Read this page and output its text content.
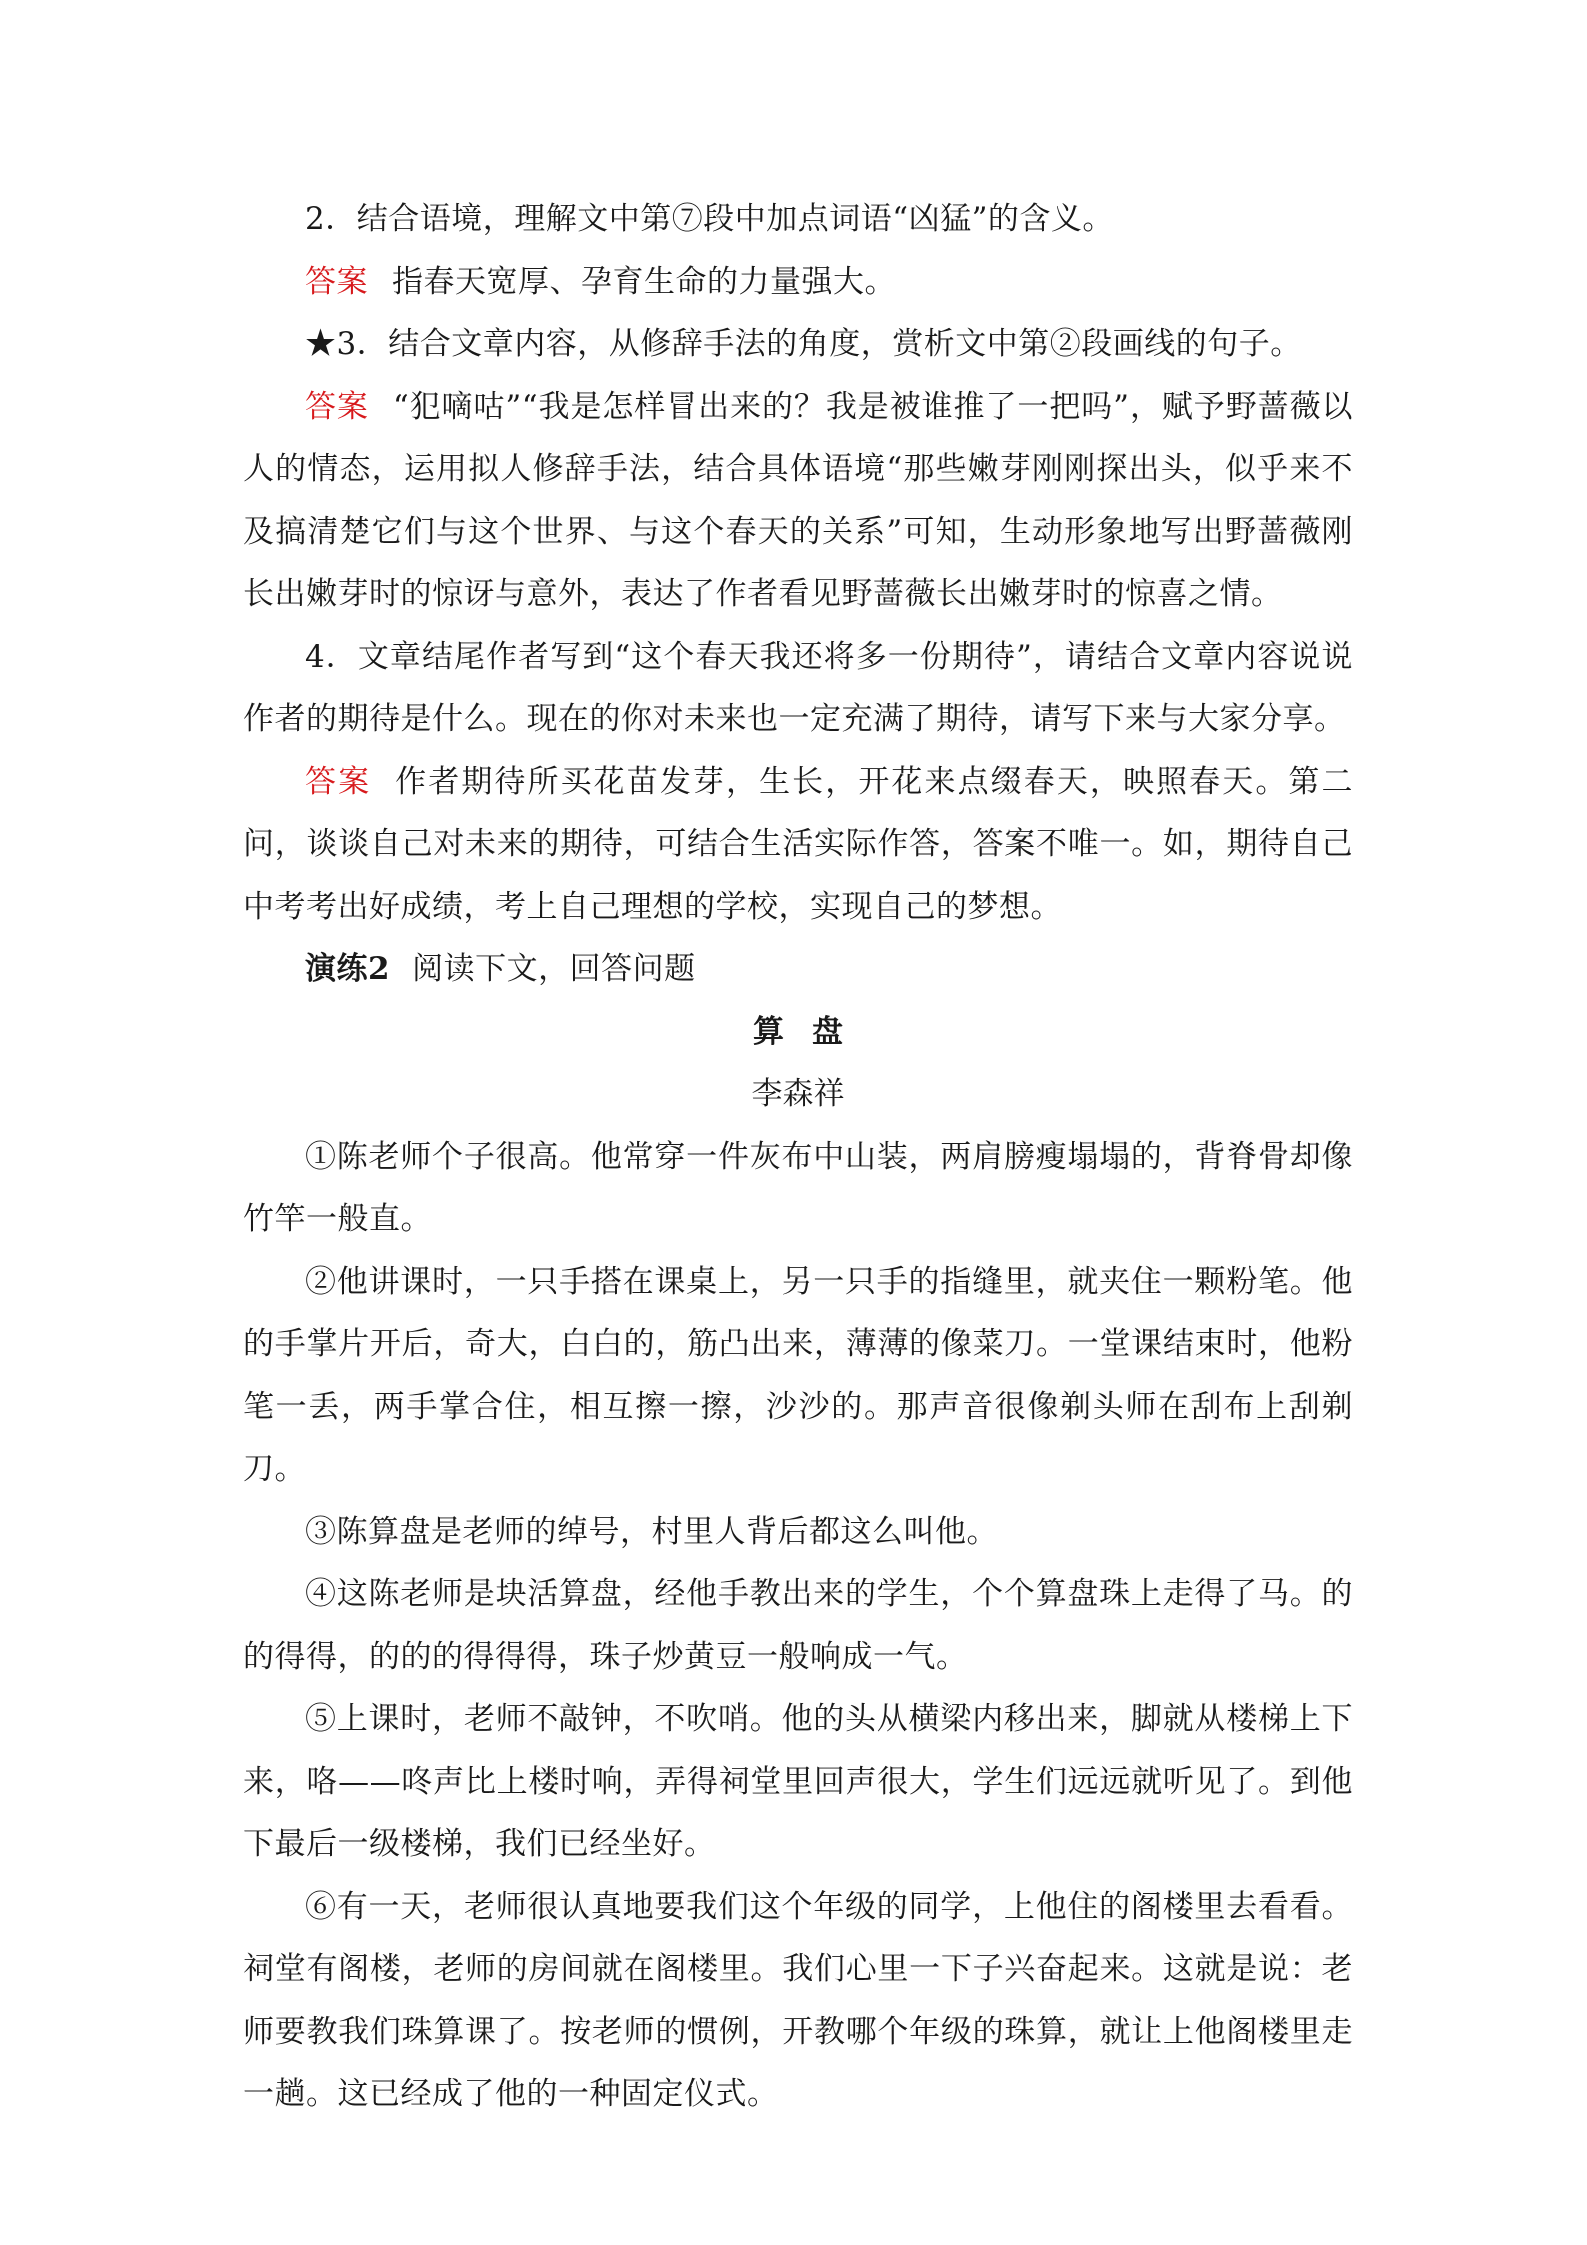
2．结合语境，理解文中第⑦段中加点词语“凶猛”的含义。

答案 指春天宽厚、孕育生命的力量强大。

★3．结合文章内容，从修辞手法的角度，赏析文中第②段画线的句子。

答案 “犯嘀咕”“我是怎样冒出来的？我是被谁推了一把吗”，赋予野蔷薇以人的情态，运用拟人修辞手法，结合具体语境“那些嫩芽刚刚探出头，似乎来不及搞清楚它们与这个世界、与这个春天的关系”可知，生动形象地写出野蔷薇刚长出嫩芽时的惊讶与意外，表达了作者看见野蔷薇长出嫩芽时的惊喜之情。

4．文章结尾作者写到“这个春天我还将多一份期待”，请结合文章内容说说作者的期待是什么。现在的你对未来也一定充满了期待，请写下来与大家分享。

答案 作者期待所买花苗发芽，生长，开花来点缀春天，映照春天。第二问，谈谈自己对未来的期待，可结合生活实际作答，答案不唯一。如，期待自己中考考出好成绩，考上自己理想的学校，实现自己的梦想。

演练2 阅读下文，回答问题

算盘

李森祥

①陈老师个子很高。他常穿一件灰布中山装，两肩膀瘦塌塌的，背脊骨却像竹竿一般直。

②他讲课时，一只手搭在课桌上，另一只手的指缝里，就夹住一颗粉笔。他的手掌片开后，奇大，白白的，筋凸出来，薄薄的像菜刀。一堂课结束时，他粉笔一丢，两手掌合住，相互擦一擦，沙沙的。那声音很像剃头师在刮布上刮剃刀。

③陈算盘是老师的绰号，村里人背后都这么叫他。

④这陈老师是块活算盘，经他手教出来的学生，个个算盘珠上走得了马。的的得得，的的的得得得，珠子炒黄豆一般响成一气。

⑤上课时，老师不敲钟，不吹哨。他的头从横梁内移出来，脚就从楼梯上下来，咯——咚声比上楼时响，弄得祠堂里回声很大，学生们远远就听见了。到他下最后一级楼梯，我们已经坐好。

⑥有一天，老师很认真地要我们这个年级的同学，上他住的阁楼里去看看。祠堂有阁楼，老师的房间就在阁楼里。我们心里一下子兴奋起来。这就是说：老师要教我们珠算课了。按老师的惯例，开教哪个年级的珠算，就让上他阁楼里走一趟。这已经成了他的一种固定仪式。
